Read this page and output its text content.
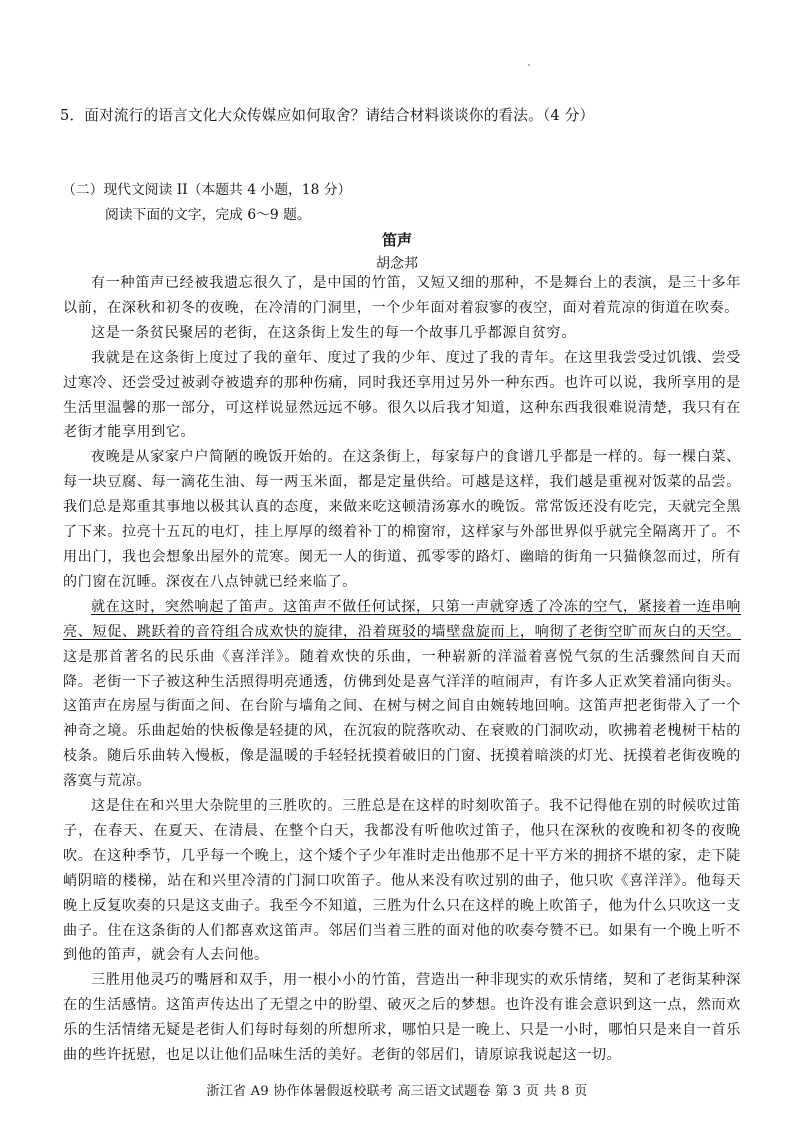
5．面对流行的语言文化大众传媒应如何取舍？请结合材料谈谈你的看法。（4 分）
（二）现代文阅读 II（本题共 4 小题，18 分）
阅读下面的文字，完成 6～9 题。
笛声
胡念邦

有一种笛声已经被我遗忘很久了，是中国的竹笛，又短又细的那种，不是舞台上的表演，是三十多年以前，在深秋和初冬的夜晚，在冷清的门洞里，一个少年面对着寂寥的夜空，面对着荒凉的街道在吹奏。

这是一条贫民聚居的老街，在这条街上发生的每一个故事几乎都源自贫穷。

我就是在这条街上度过了我的童年、度过了我的少年、度过了我的青年。在这里我尝受过饥饿、尝受过寒冷、还尝受过被剥夺被遗弃的那种伤痛，同时我还享用过另外一种东西。也许可以说，我所享用的是生活里温馨的那一部分，可这样说显然远远不够。很久以后我才知道，这种东西我很难说清楚，我只有在老街才能享用到它。

夜晚是从家家户户简陋的晚饭开始的。在这条街上，每家每户的食谱几乎都是一样的。每一棵白菜、每一块豆腐、每一滴花生油、每一两玉米面，都是定量供给。可越是这样，我们越是重视对饭菜的品尝。我们总是郑重其事地以极其认真的态度，来做来吃这顿清汤寡水的晚饭。常常饭还没有吃完，天就完全黑了下来。拉亮十五瓦的电灯，挂上厚厚的缀着补丁的棉窗帘，这样家与外部世界似乎就完全隔离开了。不用出门，我也会想象出屋外的荒寒。阒无一人的街道、孤零零的路灯、幽暗的街角一只猫倏忽而过，所有的门窗在沉睡。深夜在八点钟就已经来临了。

就在这时，突然响起了笛声。这笛声不做任何试探，只第一声就穿透了冷冻的空气，紧接着一连串响亮、短促、跳跃着的音符组合成欢快的旋律，沿着斑驳的墙壁盘旋而上，响彻了老街空旷而灰白的天空。这是那首著名的民乐曲《喜洋洋》。随着欢快的乐曲，一种崭新的洋溢着喜悦气氛的生活骤然间自天而降。老街一下子被这种生活照得明亮通透，仿佛到处是喜气洋洋的喧闹声，有许多人正欢笑着涌向街头。这笛声在房屋与街面之间、在台阶与墙角之间、在树与树之间自由婉转地回响。这笛声把老街带入了一个神奇之境。乐曲起始的快板像是轻捷的风，在沉寂的院落吹动、在衰败的门洞吹动，吹拂着老槐树干枯的枝条。随后乐曲转入慢板，像是温暖的手轻轻抚摸着破旧的门窗、抚摸着暗淡的灯光、抚摸着老街夜晚的落寞与荒凉。

这是住在和兴里大杂院里的三胜吹的。三胜总是在这样的时刻吹笛子。我不记得他在别的时候吹过笛子，在春天、在夏天、在清晨、在整个白天，我都没有听他吹过笛子，他只在深秋的夜晚和初冬的夜晚吹。在这种季节，几乎每一个晚上，这个矮个子少年准时走出他那不足十平方米的拥挤不堪的家，走下陡峭阴暗的楼梯，站在和兴里冷清的门洞口吹笛子。他从来没有吹过别的曲子，他只吹《喜洋洋》。他每天晚上反复吹奏的只是这支曲子。我至今不知道，三胜为什么只在这样的晚上吹笛子，他为什么只吹这一支曲子。住在这条街的人们都喜欢这笛声。邻居们当着三胜的面对他的吹奏夸赞不已。如果有一个晚上听不到他的笛声，就会有人去问他。

三胜用他灵巧的嘴唇和双手，用一根小小的竹笛，营造出一种非现实的欢乐情绪，契和了老街某种深在的生活感情。这笛声传达出了无望之中的盼望、破灭之后的梦想。也许没有谁会意识到这一点，然而欢乐的生活情绪无疑是老街人们每时每刻的所想所求，哪怕只是一晚上、只是一小时，哪怕只是来自一首乐曲的些许抚慰，也足以让他们品味生活的美好。老街的邻居们，请原谅我说起这一切。

浙江省 A9 协作体暑假返校联考 高三语文试题卷 第 3 页 共 8 页
